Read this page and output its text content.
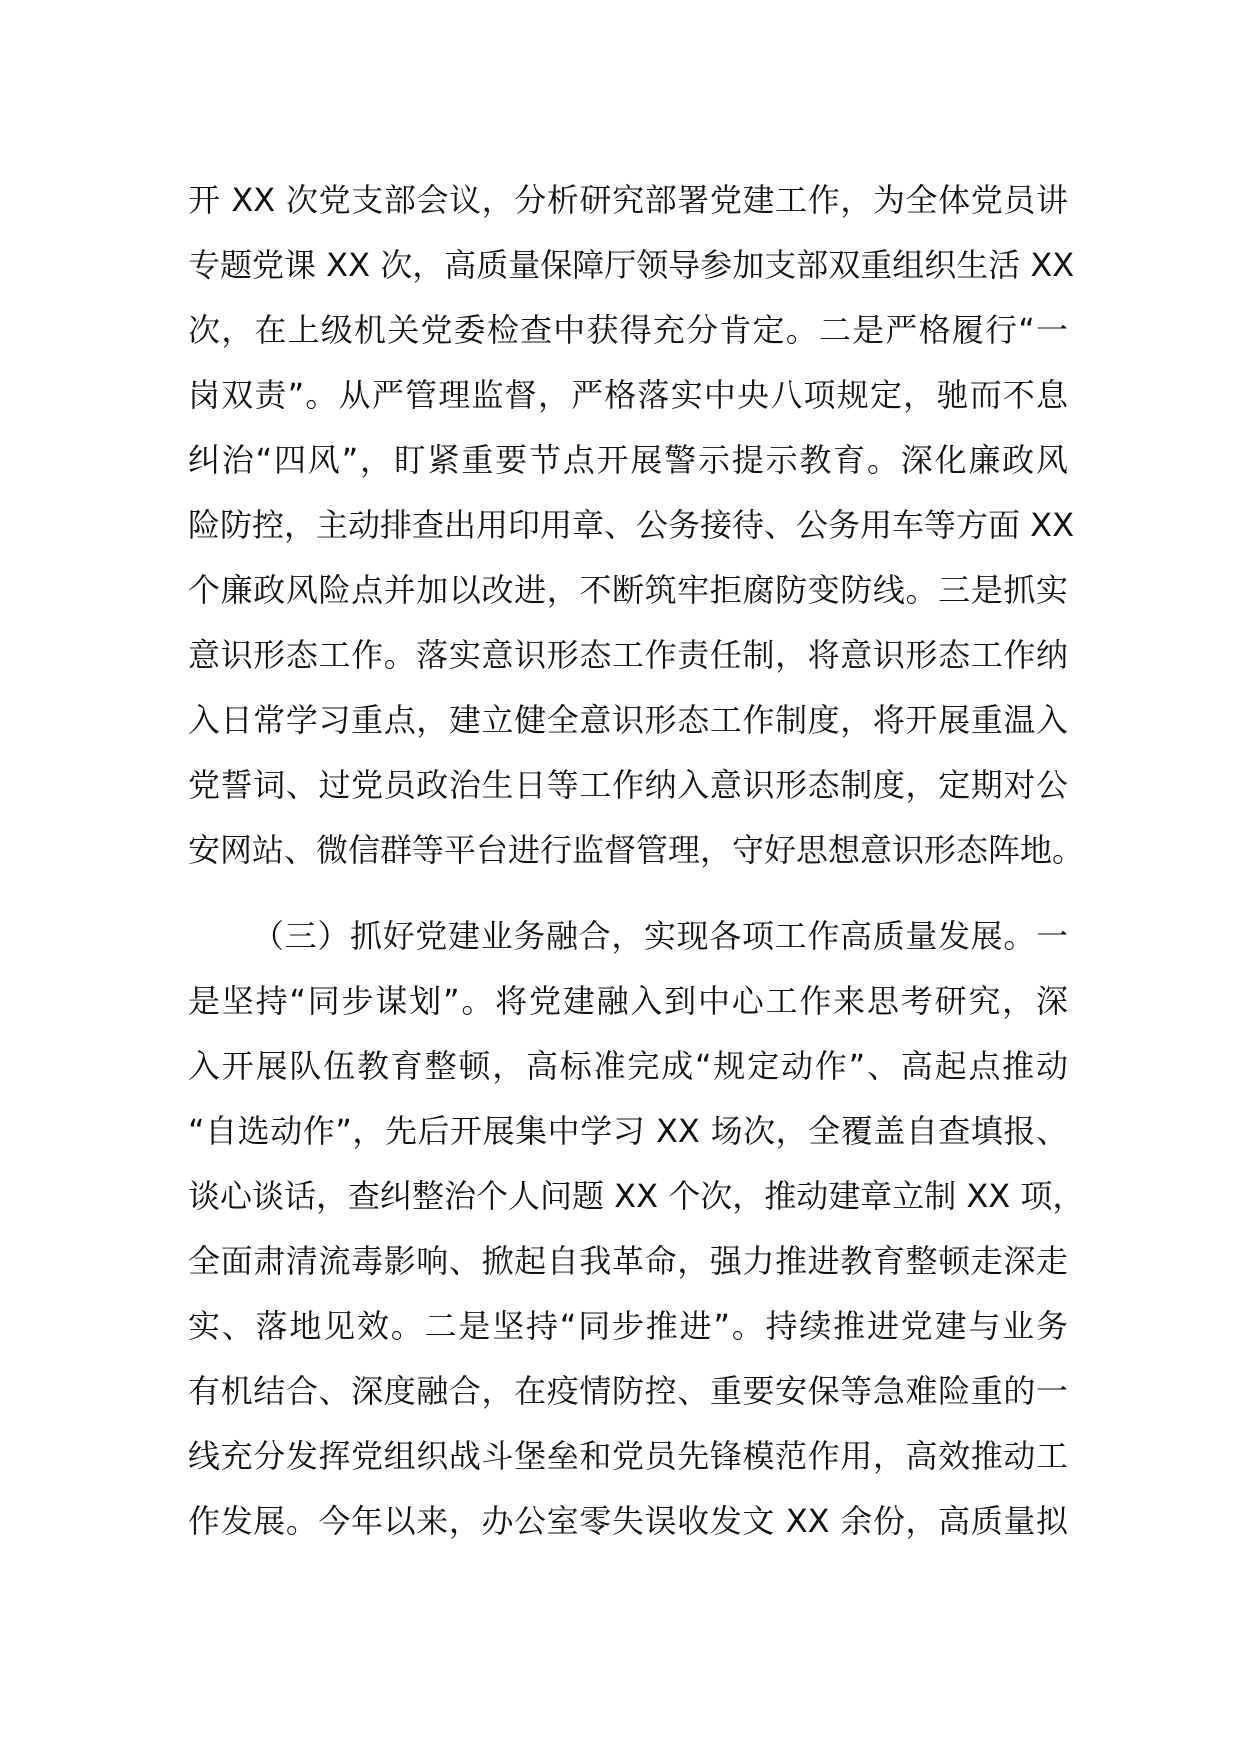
开 XX 次党支部会议，分析研究部署党建工作，为全体党员讲
专题党课 XX 次，高质量保障厅领导参加支部双重组织生活 XX
次，在上级机关党委检查中获得充分肯定。二是严格履行“一
岗双责”。从严管理监督，严格落实中央八项规定，驰而不息
纠治“四风”，盯紧重要节点开展警示提示教育。深化廉政风
险防控，主动排查出用印用章、公务接待、公务用车等方面 XX
个廉政风险点并加以改进，不断筑牢拒腐防变防线。三是抓实
意识形态工作。落实意识形态工作责任制，将意识形态工作纳
入日常学习重点，建立健全意识形态工作制度，将开展重温入
党誓词、过党员政治生日等工作纳入意识形态制度，定期对公
安网站、微信群等平台进行监督管理，守好思想意识形态阵地。
（三）抓好党建业务融合，实现各项工作高质量发展。一
是坚持“同步谋划”。将党建融入到中心工作来思考研究，深
入开展队伍教育整顿，高标准完成“规定动作”、高起点推动
“自选动作”，先后开展集中学习 XX 场次，全覆盖自查填报、
谈心谈话，查纠整治个人问题 XX 个次，推动建章立制 XX 项，
全面肃清流毒影响、掀起自我革命，强力推进教育整顿走深走
实、落地见效。二是坚持“同步推进”。持续推进党建与业务
有机结合、深度融合，在疫情防控、重要安保等急难险重的一
线充分发挥党组织战斗堡垒和党员先锋模范作用，高效推动工
作发展。今年以来，办公室零失误收发文 XX 余份，高质量拟
